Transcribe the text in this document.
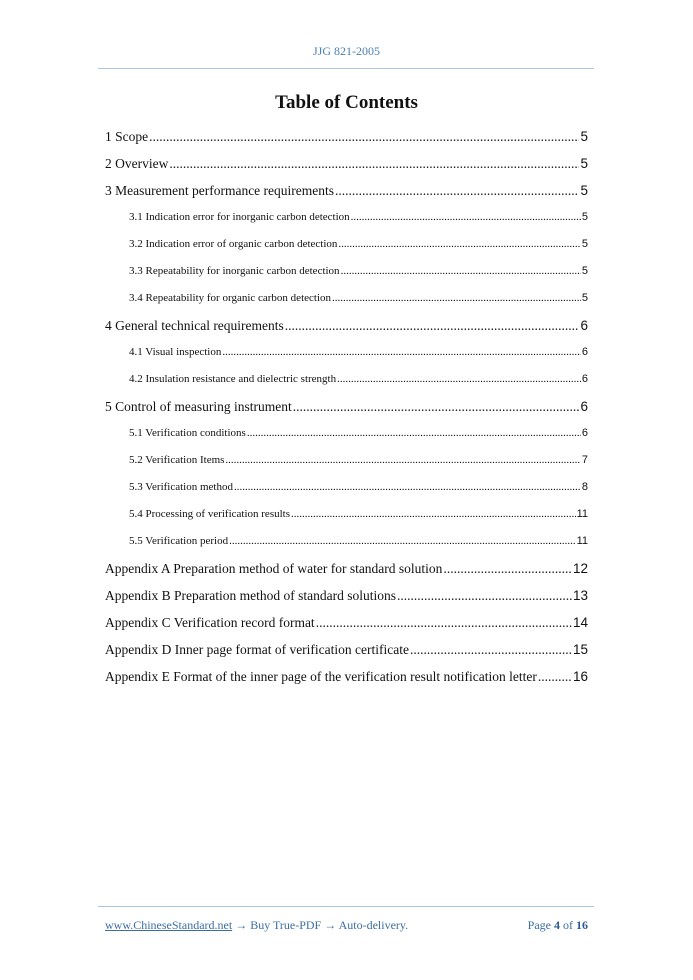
JJG 821-2005
Table of Contents
1 Scope .....	5
2 Overview .....	5
3 Measurement performance requirements .....	5
3.1 Indication error for inorganic carbon detection .....	5
3.2 Indication error of organic carbon detection .....	5
3.3 Repeatability for inorganic carbon detection .....	5
3.4 Repeatability for organic carbon detection .....	5
4 General technical requirements .....	6
4.1 Visual inspection .....	6
4.2 Insulation resistance and dielectric strength .....	6
5 Control of measuring instrument .....	6
5.1 Verification conditions .....	6
5.2 Verification Items .....	7
5.3 Verification method .....	8
5.4 Processing of verification results .....	11
5.5 Verification period .....	11
Appendix A Preparation method of water for standard solution .....	12
Appendix B Preparation method of standard solutions .....	13
Appendix C Verification record format .....	14
Appendix D Inner page format of verification certificate .....	15
Appendix E Format of the inner page of the verification result notification letter .....	16
www.ChineseStandard.net → Buy True-PDF → Auto-delivery.	Page 4 of 16
